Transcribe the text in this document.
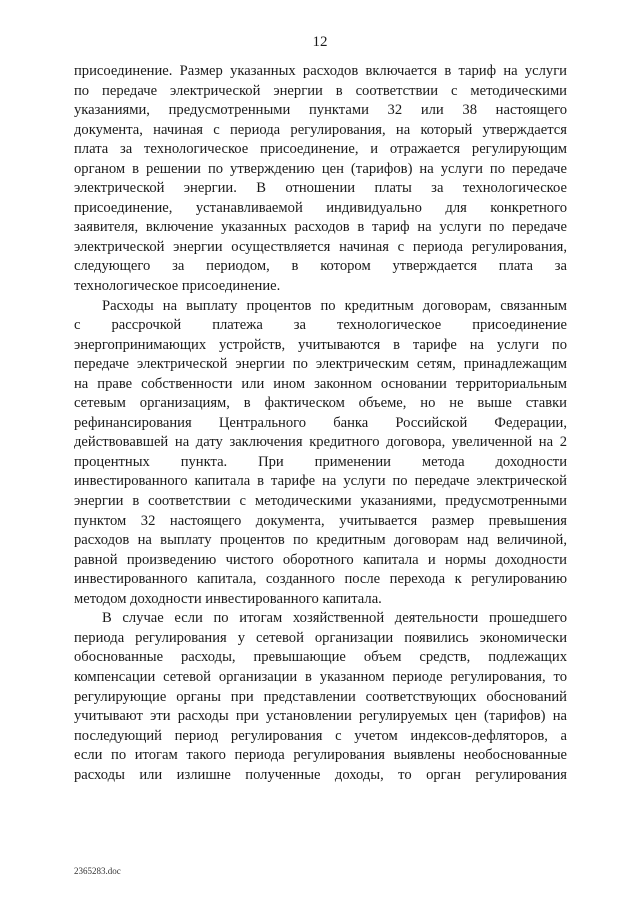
12
присоединение. Размер указанных расходов включается в тариф на услуги
по передаче электрической энергии в соответствии с методическими
указаниями, предусмотренными пунктами 32 или 38 настоящего
документа, начиная с периода регулирования, на который утверждается
плата за технологическое присоединение, и отражается регулирующим
органом в решении по утверждению цен (тарифов) на услуги по передаче
электрической энергии. В отношении платы за технологическое
присоединение, устанавливаемой индивидуально для конкретного
заявителя, включение указанных расходов в тариф на услуги по передаче
электрической энергии осуществляется начиная с периода регулирования,
следующего за периодом, в котором утверждается плата за
технологическое присоединение.
Расходы на выплату процентов по кредитным договорам, связанным
с рассрочкой платежа за технологическое присоединение
энергопринимающих устройств, учитываются в тарифе на услуги по
передаче электрической энергии по электрическим сетям, принадлежащим
на праве собственности или ином законном основании территориальным
сетевым организациям, в фактическом объеме, но не выше ставки
рефинансирования Центрального банка Российской Федерации,
действовавшей на дату заключения кредитного договора, увеличенной на 2
процентных пункта. При применении метода доходности
инвестированного капитала в тарифе на услуги по передаче электрической
энергии в соответствии с методическими указаниями, предусмотренными
пунктом 32 настоящего документа, учитывается размер превышения
расходов на выплату процентов по кредитным договорам над величиной,
равной произведению чистого оборотного капитала и нормы доходности
инвестированного капитала, созданного после перехода к регулированию
методом доходности инвестированного капитала.
В случае если по итогам хозяйственной деятельности прошедшего
периода регулирования у сетевой организации появились экономически
обоснованные расходы, превышающие объем средств, подлежащих
компенсации сетевой организации в указанном периоде регулирования, то
регулирующие органы при представлении соответствующих обоснований
учитывают эти расходы при установлении регулируемых цен (тарифов) на
последующий период регулирования с учетом индексов-дефляторов, а
если по итогам такого периода регулирования выявлены необоснованные
расходы или излишне полученные доходы, то орган регулирования
2365283.doc
